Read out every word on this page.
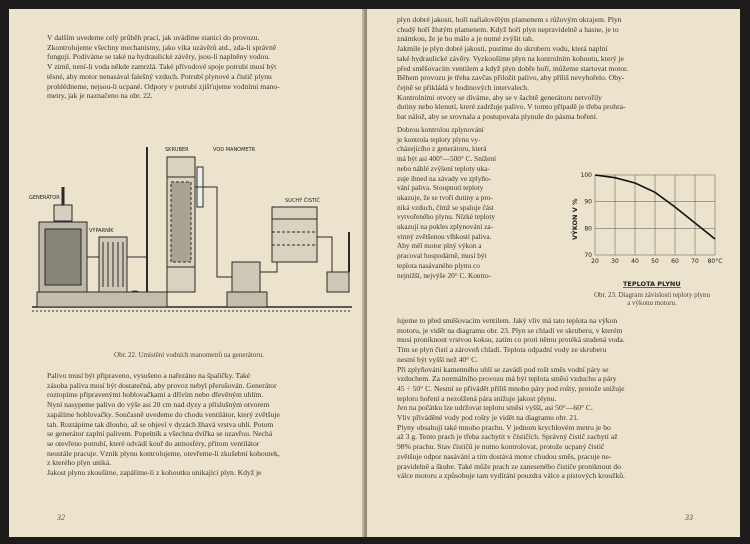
V dalším uvedeme celý průběh prací, jak uvádíme stanici do provozu.
Zkontrolujeme všechny mechanismy, jako víka uzávěrů atd., zda-li správně
fungují. Podíváme se také na hydraulické závěry, jsou-li naplněny vodou.
V zimě, není-li voda někde zamrzlá. Také přívodové spoje potrubí musí být
těsné, aby motor nenasával falešný vzduch. Potrubí plynové a čistič plynu
prohlédneme, nejsou-li ucpané. Odpory v potrubí zjišťujeme vodními mano-
metry, jak je naznačeno na obr. 22.
SKRUBER	VOD MANOMETR
GENERÁTOR
VÝPARNÍK
SUCHÝ ČISTIČ
Obr. 22. Umístění vodních manometrů na generátoru.
Palivo musí být připraveno, vysušeno a nařezáno na špalíčky. Také
zásoba paliva musí být dostatečná, aby provoz nebyl přerušován. Generátor
roztopíme připravenými hoblovačkami a dřívím nebo dřevěným uhlím.
Nyní nasypeme palivo do výše asi 20 cm nad dyzy a příslušným otvorem
zapálíme hoblovačky. Současně uvedeme do chodu ventilátor, který zvětšuje
tah. Roztápíme tak dlouho, až se objeví v dyzách žhavá vrstva uhlí. Potom
se generátor zaplní palivem. Popelník a všechna dvířka se uzavřou. Nechá
se otevřeno potrubí, které odvádí kouř do atmosféry, přitom ventilátor
neustále pracuje. Vznik plynu kontrolujeme, otevřeme-li zkušební kohoutek,
z kterého plyn uniká.
Jakost plynu zkoušíme, zapálíme-li z kohoutku unikající plyn. Když je
32
plyn dobré jakosti, hoří nafialovělým plamenem s růžovým okrajem. Plyn
chudý hoří žlutým plamenem. Když hoří plyn nepravidelně a hasne, je to
známkou, že je ho málo a je nutné zvýšit tah.
Jakmile je plyn dobré jakosti, pustíme do skruberu vodu, která naplní
také hydraulické závěry. Vyzkoušíme plyn na kontrolním kohoutu, který je
před směšovacím ventilem a když plyn dobře hoří, můžeme startovat motor.
Během provozu je třeba zavčas přiložit palivo, aby příliš nevyhořelo. Oby-
čejně se přikládá v hodinových intervalech.
Kontrolními otvory se díváme, aby se v šachtě generátoru netvořily
dutiny nebo klenutí, které zadržuje palivo. V tomto případě je třeba prohra-
bat nálož, aby se srovnala a postupovala plynule do pásma hoření.
Dobrou kontrolou zplynování
je kontrola teploty plynu vy-
cházejícího z generátoru, která
má být asi 400°—500° C. Snížení
nebo náhlé zvýšení teploty uka-
zuje ihned na závady ve zplyňo-
vání paliva. Stoupnutí teploty
ukazuje, že se tvoří dutiny a pro-
niká vzduch, čímž se spaluje část
vytvořeného plynu. Nízké teploty
ukazují na pokles zplynování za-
vinný zvětšenou vlhkostí paliva.
Aby měl motor plný výkon a
pracoval hospodárně, musí být
teplota nasávaného plynu co
nejnižší, nejvýše 20° C. Kontro-
20 30 40 50 60 70 80°C
70
80
90
100
VÝKON V %
TEPLOTA PLYNU
Obr. 23. Diagram závislosti teploty plynu
a výkonu motoru.
lujeme to před směšovacím ventilem. Jaký vliv má tato teplota na výkon
motoru, je vidět na diagramu obr. 23. Plyn se chladí ve skruberu, v kterém
musí proniknout vrstvou koksu, zatím co proti němu protéká studená voda.
Tím se plyn čistí a zároveň chladí. Teplota odpadní vody ze skruberu
nesmí být vyšší než 40° C.
Při zplyňování kamenného uhlí se zavádí pod rošt směs vodní páry se
vzduchem. Za normálního provozu má být teplota směsi vzduchu a páry
45 ÷ 50° C. Nesmí se přivádět příliš mnoho páry pod rošty, protože snižuje
teplotu hoření a nezolžená pára snižuje jakost plynu.
Jen na počátku lze udržovat teplotu směsi vyšší, asi 50°—60° C.
Vliv přiváděné vody pod rošty je vidět na diagramu obr. 21.
Plyny obsahují také mnoho prachu. V jednom krychlovém metru je bo
až 3 g. Tento prach je třeba zachytit v čističích. Správný čistič zachytí až
98% prachu. Stav čističů je nutno kontrolovat, protože ucpaný čistič
zvětšuje odpor nasávání a tím dostává motor chudou směs, pracuje ne-
pravidelně a škube. Také může prach ze zaneseného čističe proniknout do
válce motoru a způsobuje tam vydírání pouzdra válce a pístových kroužků.
33
